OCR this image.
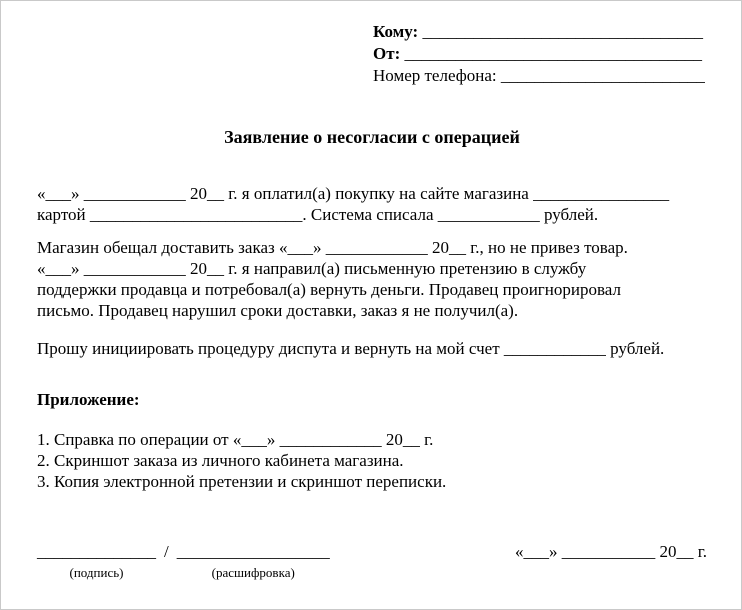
Кому: _________________________________
От: ___________________________________
Номер телефона: ________________________
Заявление о несогласии с операцией
«___» ____________ 20__ г. я оплатил(а) покупку на сайте магазина ________________
картой _________________________. Система списала ____________ рублей.
Магазин обещал доставить заказ «___» ____________ 20__ г., но не привез товар.
«___» ____________ 20__ г. я направил(а) письменную претензию в службу
поддержки продавца и потребовал(а) вернуть деньги. Продавец проигнорировал
письмо. Продавец нарушил сроки доставки, заказ я не получил(а).
Прошу инициировать процедуру диспута и вернуть на мой счет ____________ рублей.
Приложение:
1. Справка по операции от «___» ____________ 20__ г.
2. Скриншот заказа из личного кабинета магазина.
3. Копия электронной претензии и скриншот переписки.
______________
(подпись)
/ __________________
(расшифровка)
«___» ___________ 20__ г.
